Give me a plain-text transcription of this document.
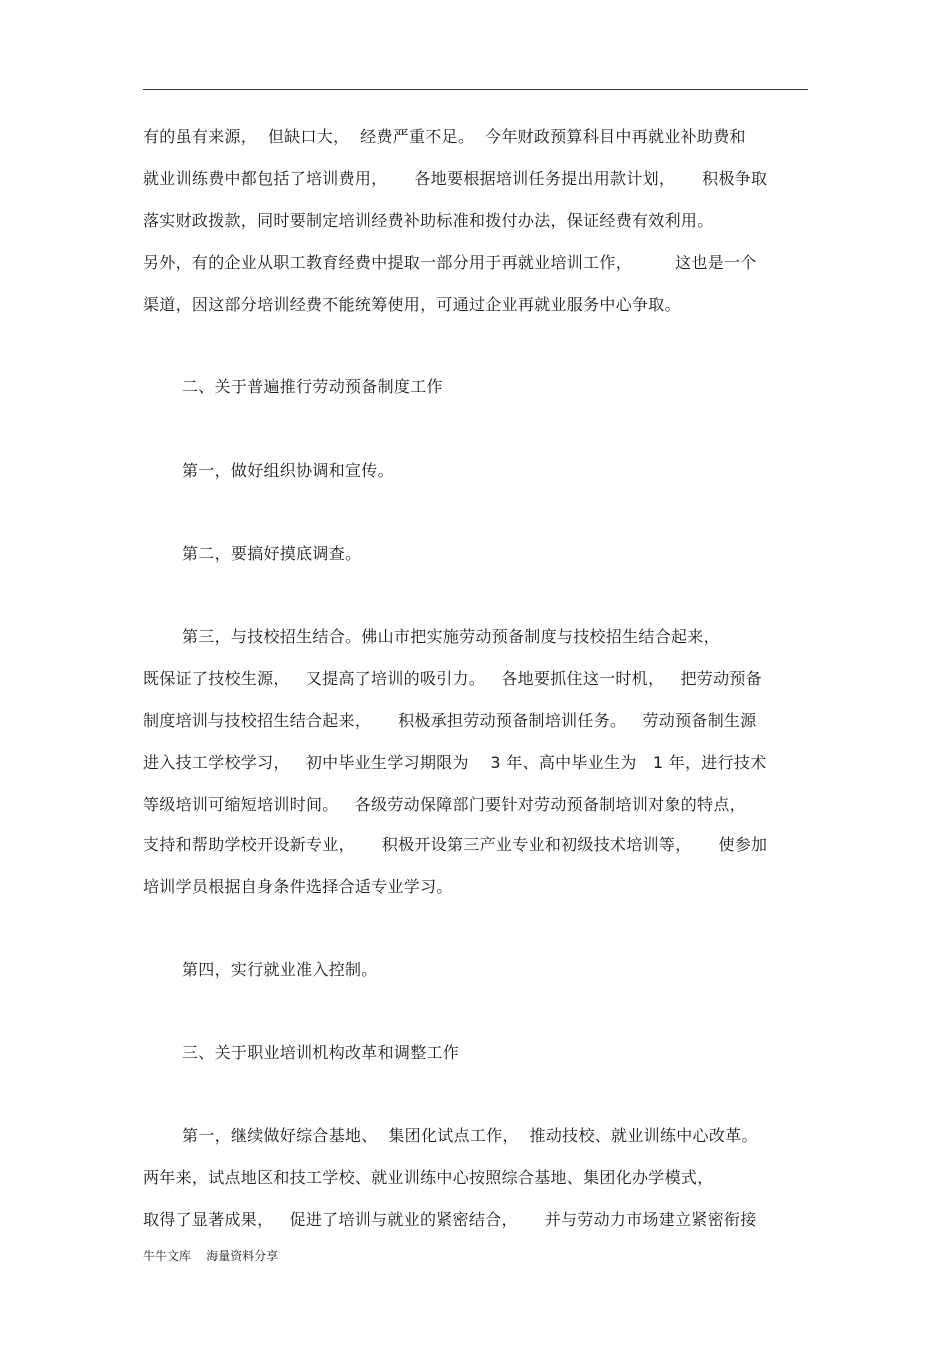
有的虽有来源，  但缺口大，  经费严重不足。  今年财政预算科目中再就业补助费和
就业训练费中都包括了培训费用，     各地要根据培训任务提出用款计划，     积极争取
落实财政拨款，同时要制定培训经费补助标准和拨付办法，保证经费有效利用。
另外，有的企业从职工教育经费中提取一部分用于再就业培训工作，        这也是一个
渠道，因这部分培训经费不能统筹使用，可通过企业再就业服务中心争取。
二、关于普遍推行劳动预备制度工作
第一，做好组织协调和宣传。
第二，要搞好摸底调查。
第三，与技校招生结合。佛山市把实施劳动预备制度与技校招生结合起来，
既保证了技校生源，   又提高了培训的吸引力。   各地要抓住这一时机，   把劳动预备
制度培训与技校招生结合起来，     积极承担劳动预备制培训任务。   劳动预备制生源
进入技工学校学习，   初中毕业生学习期限为    3 年、高中毕业生为   1 年，进行技术
等级培训可缩短培训时间。   各级劳动保障部门要针对劳动预备制培训对象的特点，
支持和帮助学校开设新专业，     积极开设第三产业专业和初级技术培训等，     使参加
培训学员根据自身条件选择合适专业学习。
第四，实行就业准入控制。
三、关于职业培训机构改革和调整工作
第一，继续做好综合基地、  集团化试点工作，  推动技校、就业训练中心改革。
两年来，试点地区和技工学校、就业训练中心按照综合基地、集团化办学模式，
取得了显著成果，   促进了培训与就业的紧密结合，     并与劳动力市场建立紧密衔接
牛牛文库    海量资料分享
